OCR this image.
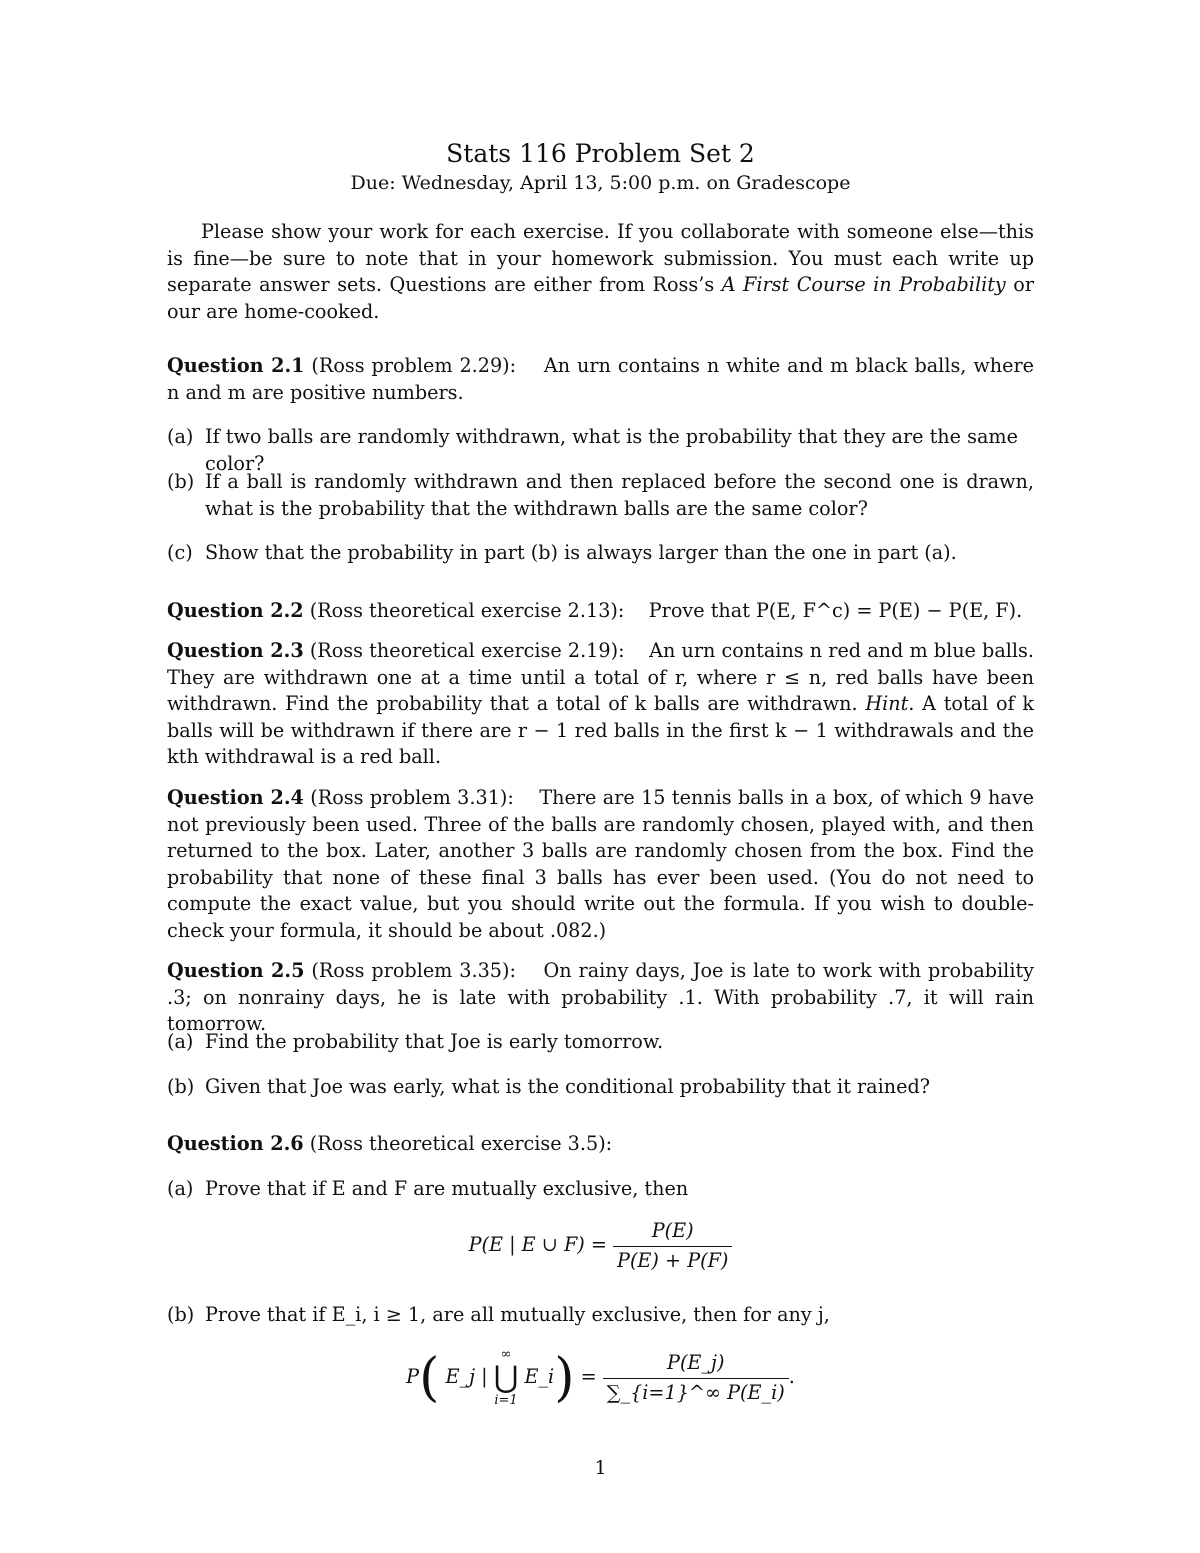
Stats 116 Problem Set 2
Due: Wednesday, April 13, 5:00 p.m. on Gradescope

Please show your work for each exercise. If you collaborate with someone else—this is fine—be sure to note that in your homework submission. You must each write up separate answer sets. Questions are either from Ross’s A First Course in Probability or our are home-cooked.

Question 2.1 (Ross problem 2.29): An urn contains n white and m black balls, where n and m are positive numbers.

(a) If two balls are randomly withdrawn, what is the probability that they are the same color?
(b) If a ball is randomly withdrawn and then replaced before the second one is drawn, what is the probability that the withdrawn balls are the same color?
(c) Show that the probability in part (b) is always larger than the one in part (a).

Question 2.2 (Ross theoretical exercise 2.13): Prove that P(E, F^c) = P(E) − P(E, F).

Question 2.3 (Ross theoretical exercise 2.19): An urn contains n red and m blue balls. They are withdrawn one at a time until a total of r, where r ≤ n, red balls have been withdrawn. Find the probability that a total of k balls are withdrawn. Hint. A total of k balls will be withdrawn if there are r − 1 red balls in the first k − 1 withdrawals and the kth withdrawal is a red ball.

Question 2.4 (Ross problem 3.31): There are 15 tennis balls in a box, of which 9 have not previously been used. Three of the balls are randomly chosen, played with, and then returned to the box. Later, another 3 balls are randomly chosen from the box. Find the probability that none of these final 3 balls has ever been used. (You do not need to compute the exact value, but you should write out the formula. If you wish to double-check your formula, it should be about .082.)

Question 2.5 (Ross problem 3.35): On rainy days, Joe is late to work with probability .3; on nonrainy days, he is late with probability .1. With probability .7, it will rain tomorrow.

(a) Find the probability that Joe is early tomorrow.
(b) Given that Joe was early, what is the conditional probability that it rained?

Question 2.6 (Ross theoretical exercise 3.5):

(a) Prove that if E and F are mutually exclusive, then
P(E | E ∪ $F) = \frac{P(E)}{P(E) + P(F)}$
(b) Prove that if E_i, i ≥ 1, are all mutually exclusive, then for any j,
P( E_j |
∞
⋃
i=1
E_i) = $\frac{P(E\_j)}{\sum\_\{i=1\}\^{}\infty P(E\_i)}$ .
1
